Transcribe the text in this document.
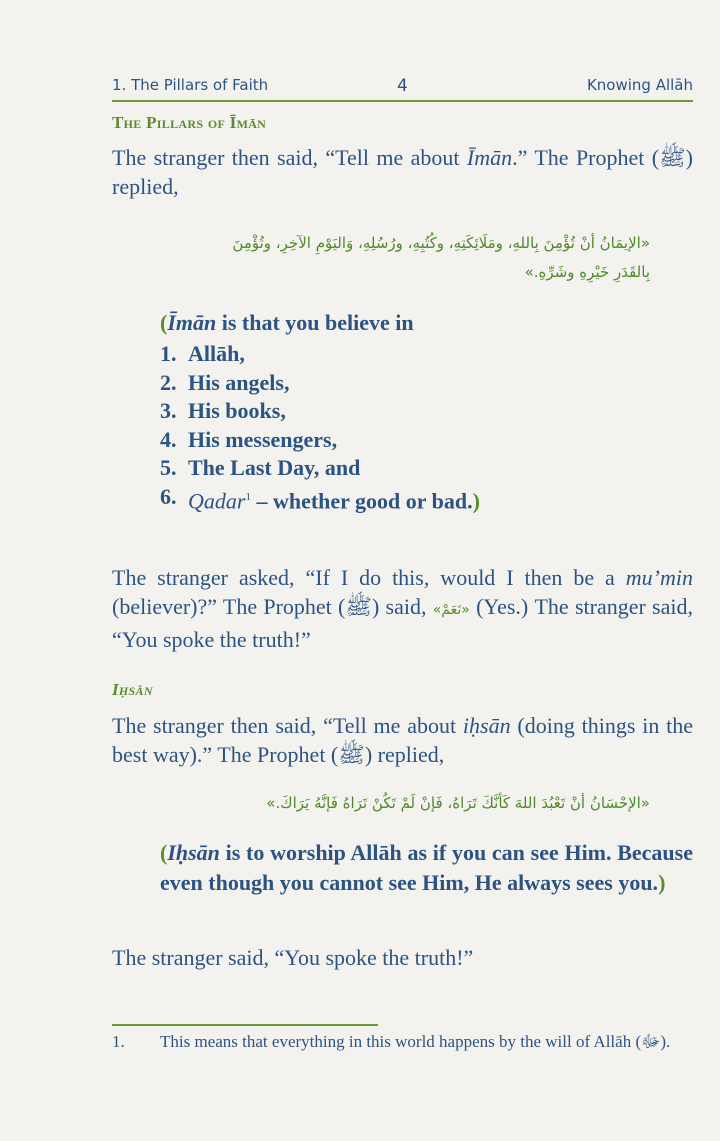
1. The Pillars of Faith	4	Knowing Allāh
The Pillars of Īmān
The stranger then said, “Tell me about Īmān.” The Prophet (ﷺ) replied,
«الإيمَانُ أنْ تُؤْمِنَ بِاللهِ، ومَلَائِكَتِهِ، وكُتُبِهِ، ورُسُلِهِ، وَاليَوْمِ الآخِرِ، وتُؤْمِنَ
بِالقَدَرِ خَيْرِهِ وشَرِّهِ.»
(Īmān is that you believe in
1. Allāh,
2. His angels,
3. His books,
4. His messengers,
5. The Last Day, and
6. Qadar$^1$ – whether good or bad.)
The stranger asked, “If I do this, would I then be a mu’min (believer)?” The Prophet (ﷺ) said, «نَعَمْ» (Yes.) The stranger said, “You spoke the truth!”
Iḥsān
The stranger then said, “Tell me about iḥsān (doing things in the best way).” The Prophet (ﷺ) replied,
«الإحْسَانُ أنْ تَعْبُدَ اللهَ كَأنَّكَ تَرَاهُ، فَإنْ لَمْ تَكُنْ تَرَاهُ فَإنَّهُ يَرَاكَ.»
(Iḥsān is to worship Allāh as if you can see Him. Because even though you cannot see Him, He always sees you.)
The stranger said, “You spoke the truth!”
1.	This means that everything in this world happens by the will of Allāh (ﷻ).
